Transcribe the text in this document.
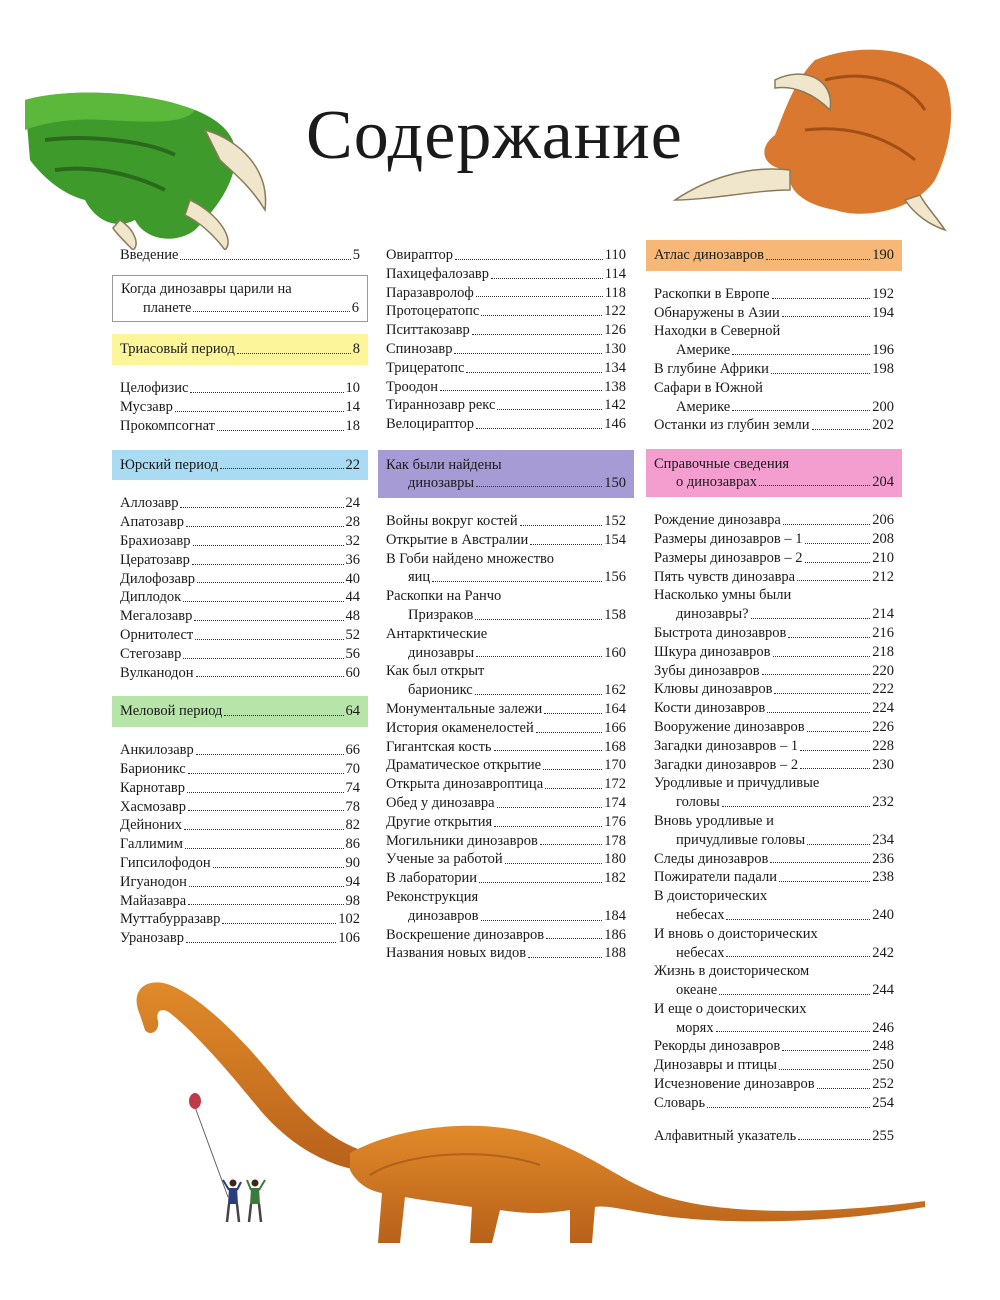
Содержание
Введение	5
Когда динозавры царили на
планете	6
Триасовый период	8
Целофизис	10
Мусзавр	14
Прокомпсогнат	18
Юрский период	22
Аллозавр	24
Апатозавр	28
Брахиозавр	32
Цератозавр	36
Дилофозавр	40
Диплодок	44
Мегалозавр	48
Орнитолест	52
Стегозавр	56
Вулканодон	60
Меловой период	64
Анкилозавр	66
Барионикс	70
Карнотавр	74
Хасмозавр	78
Дейноних	82
Галлимим	86
Гипсилофодон	90
Игуанодон	94
Майазавра	98
Муттабурразавр	102
Уранозавр	106
Овираптор	110
Пахицефалозавр	114
Паразавролоф	118
Протоцератопс	122
Пситтакозавр	126
Спинозавр	130
Трицератопс	134
Троодон	138
Тираннозавр рекс	142
Велоцираптор	146
Как были найдены
динозавры	150
Войны вокруг костей	152
Открытие в Австралии	154
В Гоби найдено множество
яиц	156
Раскопки на Ранчо
Призраков	158
Антарктические
динозавры	160
Как был открыт
барионикс	162
Монументальные залежи	164
История окаменелостей	166
Гигантская кость	168
Драматическое открытие	170
Открыта динозавроптица	172
Обед у динозавра	174
Другие открытия	176
Могильники динозавров	178
Ученые за работой	180
В лаборатории	182
Реконструкция
динозавров	184
Воскрешение динозавров	186
Названия новых видов	188
Атлас динозавров	190
Раскопки в Европе	192
Обнаружены в Азии	194
Находки в Северной
Америке	196
В глубине Африки	198
Сафари в Южной
Америке	200
Останки из глубин земли	202
Справочные сведения
о динозаврах	204
Рождение динозавра	206
Размеры динозавров – 1	208
Размеры динозавров – 2	210
Пять чувств динозавра	212
Насколько умны были
динозавры?	214
Быстрота динозавров	216
Шкура динозавров	218
Зубы динозавров	220
Клювы динозавров	222
Кости динозавров	224
Вооружение динозавров	226
Загадки динозавров – 1	228
Загадки динозавров – 2	230
Уродливые и причудливые
головы	232
Вновь уродливые и
причудливые головы	234
Следы динозавров	236
Пожиратели падали	238
В доисторических
небесах	240
И вновь о доисторических
небесах	242
Жизнь в доисторическом
океане	244
И еще о доисторических
морях	246
Рекорды динозавров	248
Динозавры и птицы	250
Исчезновение динозавров	252
Словарь	254
Алфавитный указатель	255
